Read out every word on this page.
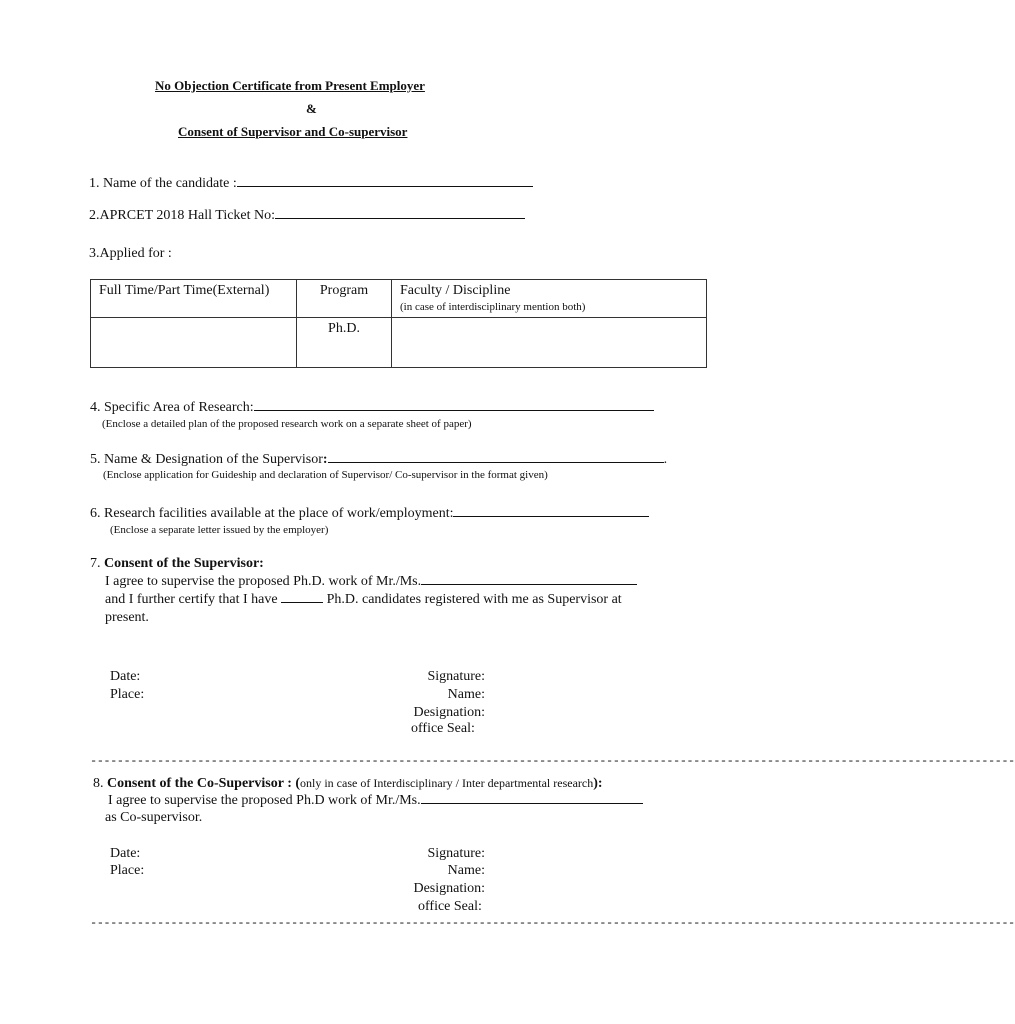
No Objection Certificate from Present Employer
&
Consent of Supervisor and Co-supervisor
1. Name of the candidate :
2.APRCET 2018 Hall Ticket No:
3.Applied for :
Full Time/Part Time(External)	Program	Faculty / Discipline
(in case of interdisciplinary mention both)

	Ph.D.	
4. Specific Area of Research:
(Enclose a detailed plan of the proposed research work on a separate sheet of paper)
5. Name & Designation of the Supervisor:	.
(Enclose application for Guideship and declaration of Supervisor/ Co-supervisor in the format given)
6. Research facilities available at the place of work/employment:
(Enclose a separate letter issued by the employer)
7. Consent of the Supervisor:
I agree to supervise the proposed Ph.D. work of Mr./Ms.
and I further certify that I have	Ph.D. candidates registered with me as Supervisor at
present.
Date:
Place:
Signature:
Name:
Designation:
office Seal:
------------------------------------------------------------------------------------------------------------------------------------------
8. Consent of the Co-Supervisor : (only in case of Interdisciplinary / Inter departmental research):
I agree to supervise the proposed Ph.D work of Mr./Ms.
as Co-supervisor.
Date:
Place:
Signature:
Name:
Designation:
office Seal:
------------------------------------------------------------------------------------------------------------------------------------------
